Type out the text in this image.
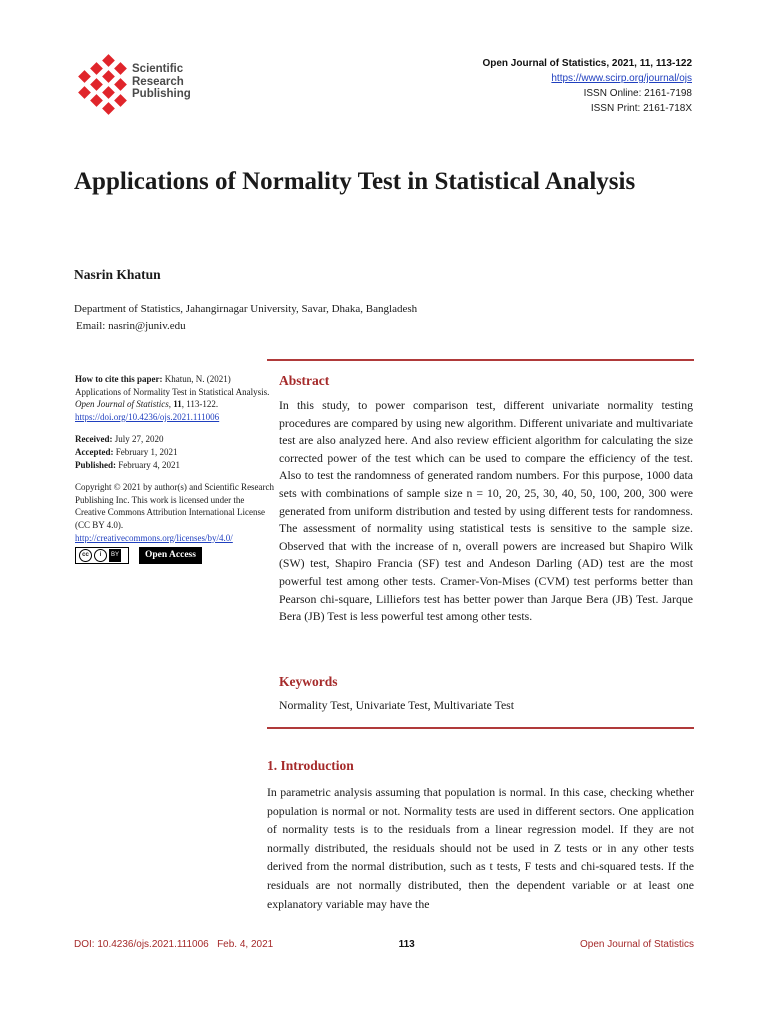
Scientific
Research
Publishing
Open Journal of Statistics, 2021, 11, 113-122
https://www.scirp.org/journal/ojs
ISSN Online: 2161-7198
ISSN Print: 2161-718X
Applications of Normality Test in Statistical Analysis
Nasrin Khatun
Department of Statistics, Jahangirnagar University, Savar, Dhaka, Bangladesh
Email: nasrin@juniv.edu
How to cite this paper: Khatun, N. (2021) Applications of Normality Test in Statistical Analysis. Open Journal of Statistics, 11, 113-122.
https://doi.org/10.4236/ojs.2021.111006
Received: July 27, 2020
Accepted: February 1, 2021
Published: February 4, 2021
Copyright © 2021 by author(s) and Scientific Research Publishing Inc. This work is licensed under the Creative Commons Attribution International License (CC BY 4.0).
http://creativecommons.org/licenses/by/4.0/
cc	i	BY	Open Access
Abstract
In this study, to power comparison test, different univariate normality testing procedures are compared by using new algorithm. Different univariate and multivariate test are also analyzed here. And also review efficient algorithm for calculating the size corrected power of the test which can be used to compare the efficiency of the test. Also to test the randomness of generated random numbers. For this purpose, 1000 data sets with combinations of sample size n = 10, 20, 25, 30, 40, 50, 100, 200, 300 were generated from uniform distribution and tested by using different tests for randomness. The assessment of normality using statistical tests is sensitive to the sample size. Observed that with the increase of n, overall powers are increased but Shapiro Wilk (SW) test, Shapiro Francia (SF) test and Andeson Darling (AD) test are the most powerful test among other tests. Cramer-Von-Mises (CVM) test performs better than Pearson chi-square, Lilliefors test has better power than Jarque Bera (JB) Test. Jarque Bera (JB) Test is less powerful test among other tests.
Keywords
Normality Test, Univariate Test, Multivariate Test
1. Introduction
In parametric analysis assuming that population is normal. In this case, checking whether population is normal or not. Normality tests are used in different sectors. One application of normality tests is to the residuals from a linear regression model. If they are not normally distributed, the residuals should not be used in Z tests or in any other tests derived from the normal distribution, such as t tests, F tests and chi-squared tests. If the residuals are not normally distributed, then the dependent variable or at least one explanatory variable may have the
DOI: 10.4236/ojs.2021.111006 Feb. 4, 2021	113	Open Journal of Statistics
